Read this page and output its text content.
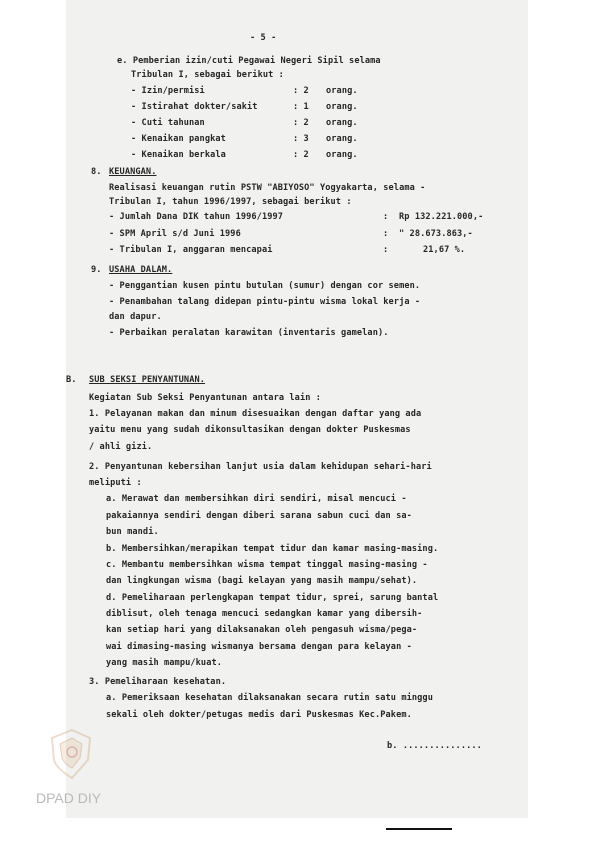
- 5 -
e. Pemberian izin/cuti Pegawai Negeri Sipil selama
Tribulan I, sebagai berikut :
- Izin/permisi	: 2 orang.
- Istirahat dokter/sakit	: 1 orang.
- Cuti tahunan	: 2 orang.
- Kenaikan pangkat	: 3 orang.
- Kenaikan berkala	: 2 orang.
8. KEUANGAN.
Realisasi keuangan rutin PSTW "ABIYOSO" Yogyakarta, selama -
Tribulan I, tahun 1996/1997, sebagai berikut :
- Jumlah Dana DIK tahun 1996/1997	: Rp 132.221.000,-
- SPM April s/d Juni 1996	: " 28.673.863,-
- Tribulan I, anggaran mencapai	:	21,67 %.
9. USAHA DALAM.
- Penggantian kusen pintu butulan (sumur) dengan cor semen.
- Penambahan talang didepan pintu-pintu wisma lokal kerja -
dan dapur.
- Perbaikan peralatan karawitan (inventaris gamelan).
B. SUB SEKSI PENYANTUNAN.
Kegiatan Sub Seksi Penyantunan antara lain :
1. Pelayanan makan dan minum disesuaikan dengan daftar yang ada
yaitu menu yang sudah dikonsultasikan dengan dokter Puskesmas
/ ahli gizi.
2. Penyantunan kebersihan lanjut usia dalam kehidupan sehari-hari
meliputi :
a. Merawat dan membersihkan diri sendiri, misal mencuci -
pakaiannya sendiri dengan diberi sarana sabun cuci dan sa-
bun mandi.
b. Membersihkan/merapikan tempat tidur dan kamar masing-masing.
c. Membantu membersihkan wisma tempat tinggal masing-masing -
dan lingkungan wisma (bagi kelayan yang masih mampu/sehat).
d. Pemeliharaan perlengkapan tempat tidur, sprei, sarung bantal
diblisut, oleh tenaga mencuci sedangkan kamar yang dibersih-
kan setiap hari yang dilaksanakan oleh pengasuh wisma/pega-
wai dimasing-masing wismanya bersama dengan para kelayan -
yang masih mampu/kuat.
3. Pemeliharaan kesehatan.
a. Pemeriksaan kesehatan dilaksanakan secara rutin satu minggu
sekali oleh dokter/petugas medis dari Puskesmas Kec.Pakem.
b. ...............
DPAD DIY
